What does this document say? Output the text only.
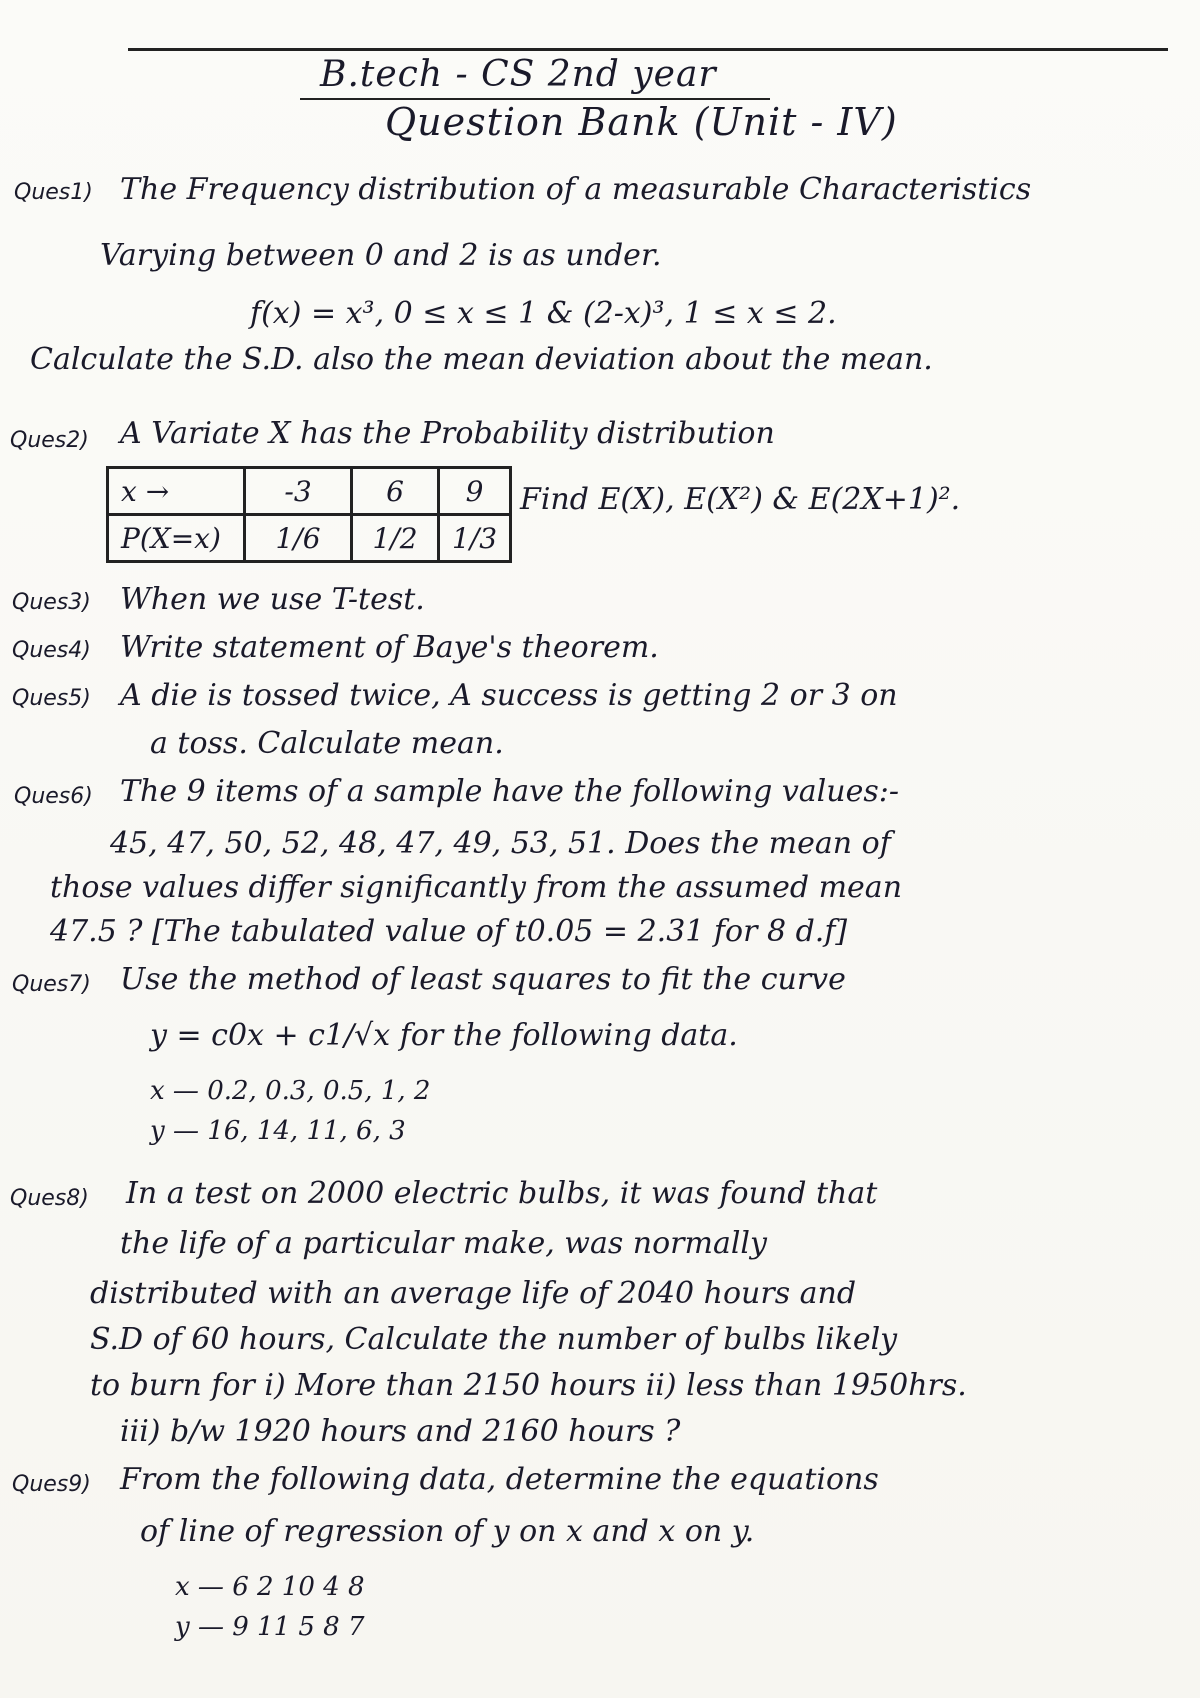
B.tech - CS 2nd year
Question Bank (Unit - IV)
Ques1) The Frequency distribution of a measurable Characteristics
Varying between 0 and 2 is as under.
f(x) = x³, 0 ≤ x ≤ 1 & (2-x)³, 1 ≤ x ≤ 2.
Calculate the S.D. also the mean deviation about the mean.
Ques2) A Variate X has the Probability distribution
x →	-3	6	9
P(X=x)	1/6	1/2	1/3
Find E(X), E(X²) & E(2X+1)².
Ques3) When we use T-test.
Ques4) Write statement of Baye's theorem.
Ques5) A die is tossed twice, A success is getting 2 or 3 on
a toss. Calculate mean.
Ques6) The 9 items of a sample have the following values:-
45, 47, 50, 52, 48, 47, 49, 53, 51. Does the mean of
those values differ significantly from the assumed mean
47.5 ? [The tabulated value of t0.05 = 2.31 for 8 d.f]
Ques7) Use the method of least squares to fit the curve
y = c0x + c1/√x for the following data.
x — 0.2, 0.3, 0.5, 1, 2
y — 16, 14, 11, 6, 3
Ques8) In a test on 2000 electric bulbs, it was found that
the life of a particular make, was normally
distributed with an average life of 2040 hours and
S.D of 60 hours, Calculate the number of bulbs likely
to burn for i) More than 2150 hours ii) less than 1950hrs.
iii) b/w 1920 hours and 2160 hours ?
Ques9) From the following data, determine the equations
of line of regression of y on x and x on y.
x — 6 2 10 4 8
y — 9 11 5 8 7
